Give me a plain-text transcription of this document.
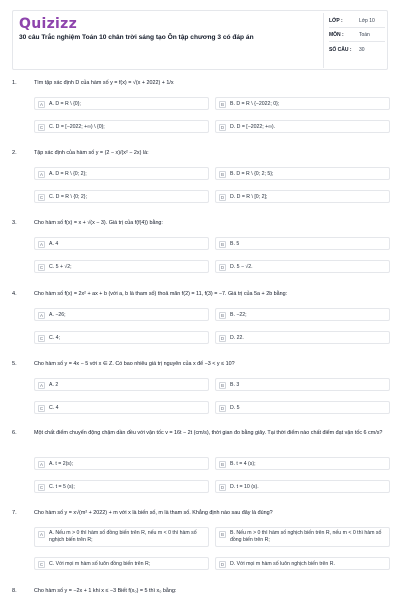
Quizizz
30 câu Trắc nghiệm Toán 10 chân trời sáng tạo Ôn tập chương 3 có đáp án
LỚP :	Lớp 10
MÔN :	Toán
SỐ CÂU : 30
1.	Tìm tập xác định D của hàm số y = f(x) = √(x + 2022) + 1/x
A	A. D = R \ {0};	B	B. D = R \ {−2022; 0};
C	C. D = [−2022; +∞) \ {0};	D	D. D = [−2022; +∞).
2.	Tập xác định của hàm số y = (2 − x)/(x² − 2x) là:
A	A. D = R \ {0; 2};	B	B. D = R \ {0; 2; 5};
C	C. D = R \ {0; 2};	D	D. D = R \ [0; 2];
3.	Cho hàm số f(x) = x + √(x − 3). Giá trị của f(f(4)) bằng:
A	A. 4	B	B. 5
C	C. 5 + √2;	D	D. 5 − √2.
4.	Cho hàm số f(x) = 2x² + ax + b (với a, b là tham số) thoả mãn f(2) = 11, f(3) = −7. Giá trị của 5a + 2b bằng:
A	A. −26;	B	B. −22;
C	C. 4;	D	D. 22.
5.	Cho hàm số y = 4x − 5 với x ∈ Z. Có bao nhiêu giá trị nguyên của x để −3 < y ≤ 10?
A	A. 2	B	B. 3
C	C. 4	D	D. 5
6.	Một chất điểm chuyển động chậm dần đều với vận tốc v = 16t − 2t (cm/s), thời gian đo bằng giây. Tại thời điểm nào chất điểm đạt vận tốc 6 cm/s?
A	A. t = 2(s);	B	B. t = 4 (s);
C	C. t = 5 (s);	D	D. t = 10 (s).
7.	Cho hàm số y = x√(m² + 2022) + m với x là biến số, m là tham số. Khẳng định nào sau đây là đúng?
A	A. Nếu m > 0 thì hàm số đồng biến trên R, nếu m < 0 thì hàm số nghịch biến trên R;
B	B. Nếu m > 0 thì hàm số nghịch biến trên R, nếu m < 0 thì hàm số đồng biến trên R;
C	C. Với mọi m hàm số luôn đồng biến trên R;	D	D. Với mọi m hàm số luôn nghịch biến trên R.
8.	Cho hàm số y = −2x + 1 khi x ≤ −3 Biết f(x₀) = 5 thì x₀ bằng:
